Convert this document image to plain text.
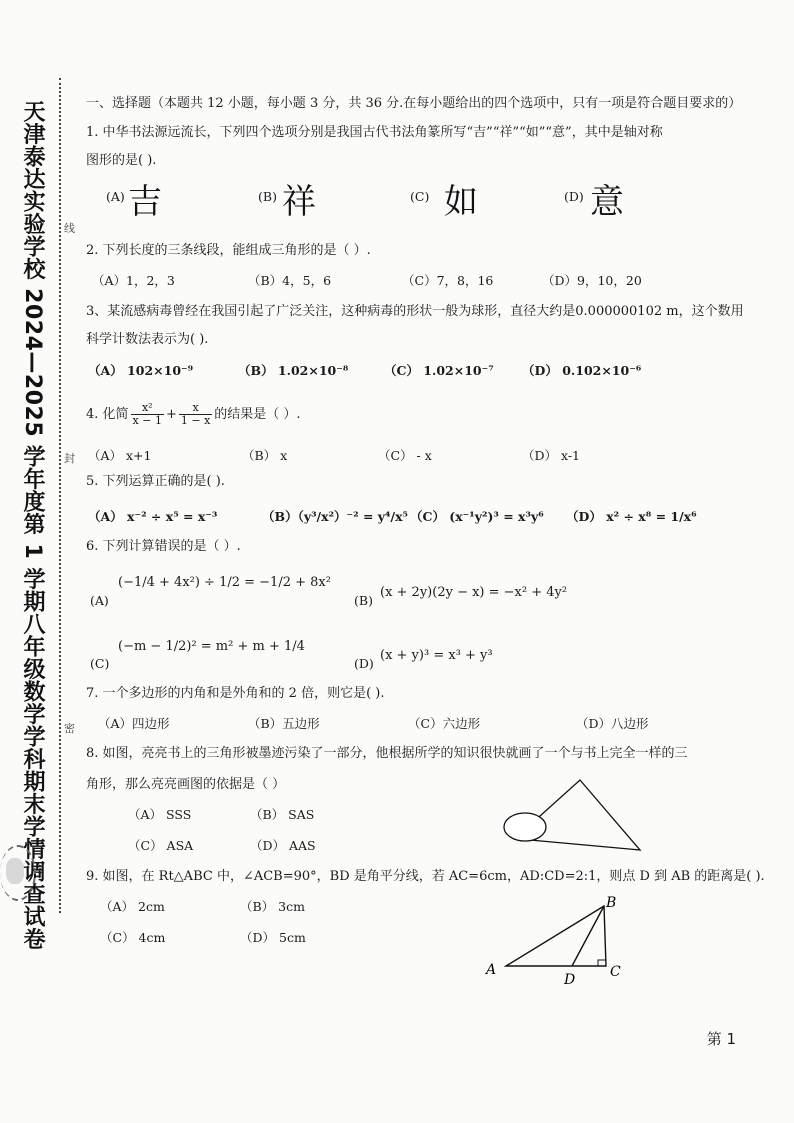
天津泰达实验学校 2024—2025 学年度第 1 学期八年级数学学科期末学情调查试卷	线
封
密
一、选择题（本题共 12 小题，每小题 3 分，共 36 分.在每小题给出的四个选项中，只有一项是符合题目要求的）
1. 中华书法源远流长，下列四个选项分别是我国古代书法角篆所写“吉”“祥”“如”“意”，其中是轴对称
图形的是( ).
(A) 吉	(B) 祥	(C) 如	(D) 意
2. 下列长度的三条线段，能组成三角形的是（ ）.
（A）1，2，3	（B）4，5，6	（C）7，8，16	（D）9，10，20
3、某流感病毒曾经在我国引起了广泛关注，这种病毒的形状一般为球形，直径大约是0.000000102 m，这个数用
科学计数法表示为( ).
（A） 102×10⁻⁹	（B） 1.02×10⁻⁸	（C） 1.02×10⁻⁷ （D） 0.102×10⁻⁶
4. 化简 $\frac{\text{x²}}{x - 1} + \frac{x}{1 - x}$ 的结果是（ ）.
（A） x+1	（B） x	（C） - x	（D） x-1
5. 下列运算正确的是( ).
（A） x⁻² ÷ x⁵ = x⁻³	（B）（y³/x²）⁻² = y⁴/x⁵ （C） (x⁻¹y²)³ = x³y⁶ （D） x² ÷ x⁸ = 1/x⁶
6. 下列计算错误的是（ ）.
(A)
(−1/4 + 4x²) ÷ 1/2 = −1/2 + 8x²
(B)
(x + 2y)(2y − x) = −x² + 4y²
(C)
(−m − 1/2)² = m² + m + 1/4
(D)
(x + y)³ = x³ + y³
7. 一个多边形的内角和是外角和的 2 倍，则它是( ).
（A）四边形	（B）五边形	（C）六边形	（D）八边形
8. 如图，亮亮书上的三角形被墨迹污染了一部分，他根据所学的知识很快就画了一个与书上完全一样的三
角形，那么亮亮画图的依据是（ ）
（A） SSS	（B） SAS
（C） ASA	（D） AAS
9. 如图，在 Rt△ABC 中，∠ACB=90°，BD 是角平分线，若 AC=6cm，AD:CD=2:1，则点 D 到 AB 的距离是( ).
（A） 2cm	（B） 3cm
（C） 4cm	（D） 5cm
A
B
C
D
第 1
